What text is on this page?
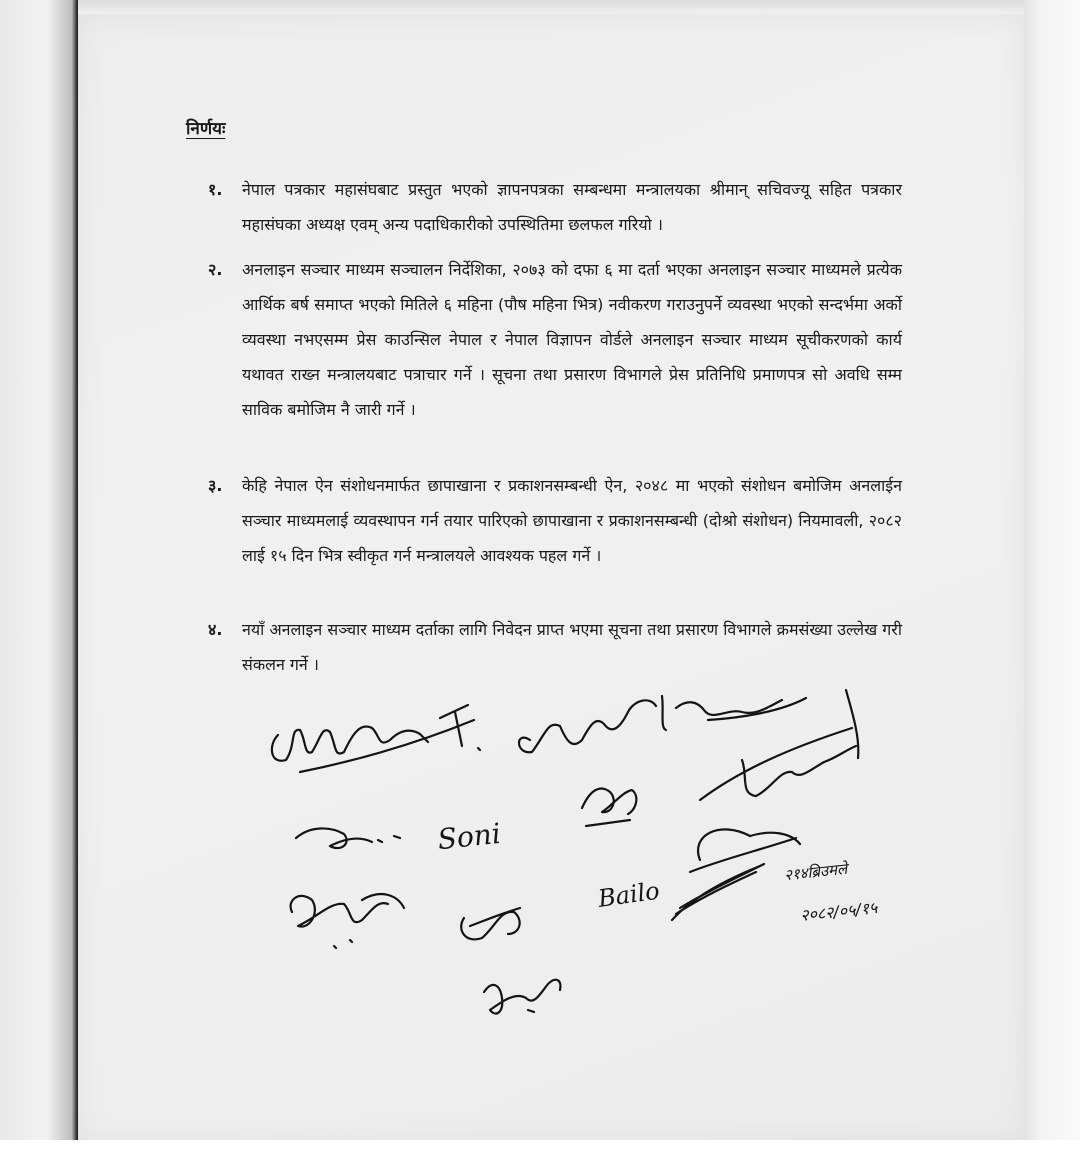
निर्णयः
१.	नेपाल पत्रकार महासंघबाट प्रस्तुत भएको ज्ञापनपत्रका सम्बन्धमा मन्त्रालयका श्रीमान् सचिवज्यू सहित पत्रकार महासंघका अध्यक्ष एवम् अन्य पदाधिकारीको उपस्थितिमा छलफल गरियो ।
२.	अनलाइन सञ्चार माध्यम सञ्चालन निर्देशिका, २०७३ को दफा ६ मा दर्ता भएका अनलाइन सञ्चार माध्यमले प्रत्येक आर्थिक बर्ष समाप्त भएको मितिले ६ महिना (पौष महिना भित्र) नवीकरण गराउनुपर्ने व्यवस्था भएको सन्दर्भमा अर्को व्यवस्था नभएसम्म प्रेस काउन्सिल नेपाल र नेपाल विज्ञापन वोर्डले अनलाइन सञ्चार माध्यम सूचीकरणको कार्य यथावत राख्न मन्त्रालयबाट पत्राचार गर्ने । सूचना तथा प्रसारण विभागले प्रेस प्रतिनिधि प्रमाणपत्र सो अवधि सम्म साविक बमोजिम नै जारी गर्ने ।
३.	केहि नेपाल ऐन संशोधनमार्फत छापाखाना र प्रकाशनसम्बन्धी ऐन, २०४८ मा भएको संशोधन बमोजिम अनलाईन सञ्चार माध्यमलाई व्यवस्थापन गर्न तयार पारिएको छापाखाना र प्रकाशनसम्बन्धी (दोश्रो संशोधन) नियमावली, २०८२ लाई १५ दिन भित्र स्वीकृत गर्न मन्त्रालयले आवश्यक पहल गर्ने ।
४.	नयाँ अनलाइन सञ्चार माध्यम दर्ताका लागि निवेदन प्राप्त भएमा सूचना तथा प्रसारण विभागले क्रमसंख्या उल्लेख गरी संकलन गर्ने ।
Soni
Bailo
२१४ब्रिउमले
२०८२/०५/१५
